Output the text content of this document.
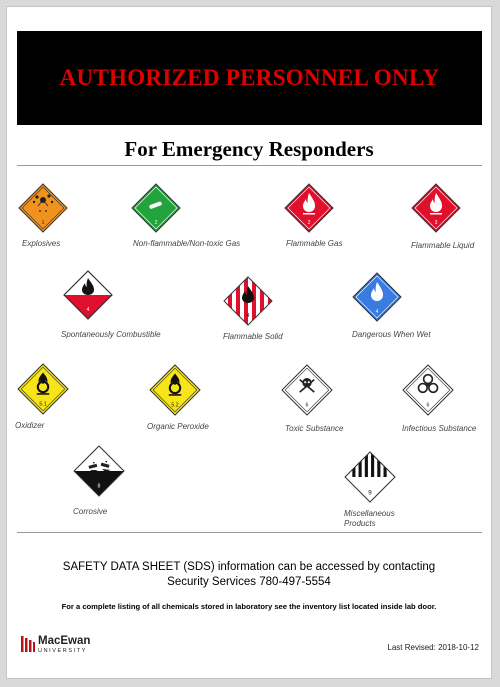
AUTHORIZED PERSONNEL ONLY
For Emergency Responders
1
Explosives
2
Non-flammable/Non-toxic Gas
2
Flammable Gas
3
Flammable Liquid
4
Spontaneously Combustible
4
Flammable Solid
4
Dangerous When Wet
5.1
Oxidizer
5.2
Organic Peroxide
6
Toxic Substance
6
Infectious Substance
8
Corrosive
9
Miscellaneous Products
SAFETY DATA SHEET (SDS) information can be accessed by contacting
Security Services 780-497-5554
For a complete listing of all chemicals stored in laboratory see the inventory list located inside lab door.
MacEwan
UNIVERSITY	Last Revised: 2018-10-12
